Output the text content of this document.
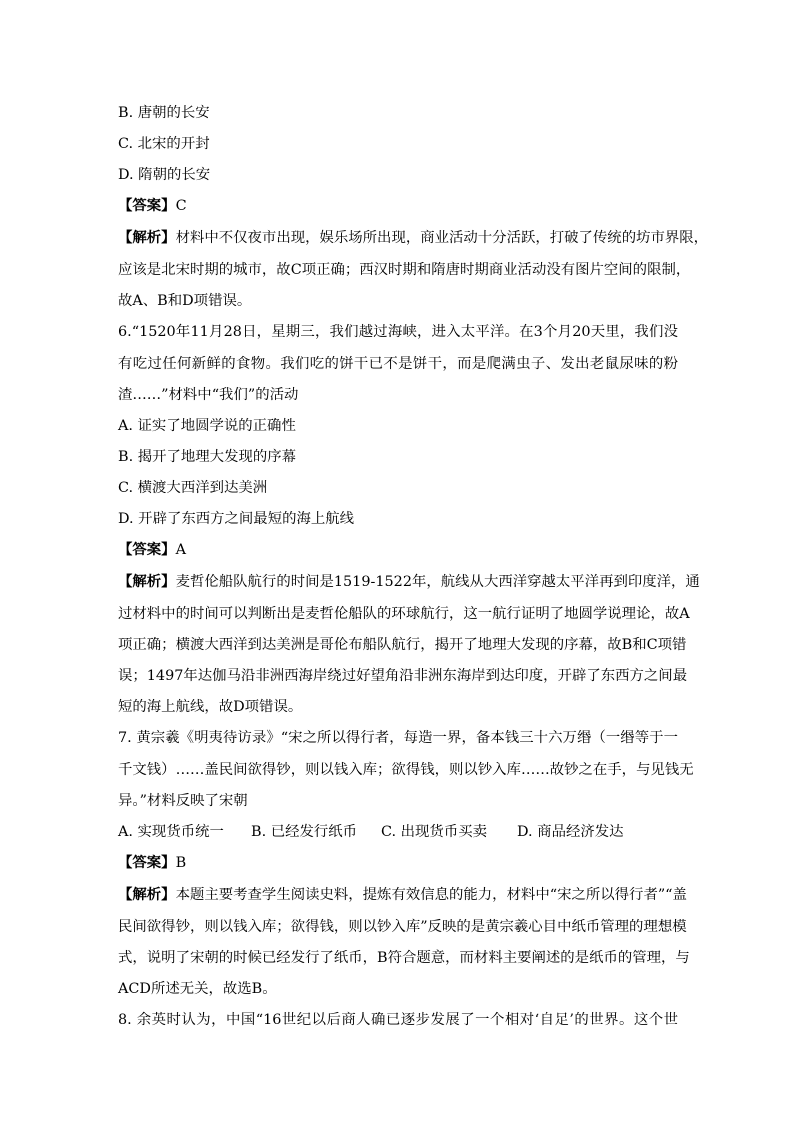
B. 唐朝的长安
C. 北宋的开封
D. 隋朝的长安
【答案】C
【解析】材料中不仅夜市出现，娱乐场所出现，商业活动十分活跃，打破了传统的坊市界限，
应该是北宋时期的城市，故C项正确；西汉时期和隋唐时期商业活动没有图片空间的限制，
故A、B和D项错误。
6.“1520年11月28日，星期三，我们越过海峡，进入太平洋。在3个月20天里，我们没
有吃过任何新鲜的食物。我们吃的饼干已不是饼干，而是爬满虫子、发出老鼠尿味的粉
渣……”材料中“我们”的活动
A. 证实了地圆学说的正确性
B. 揭开了地理大发现的序幕
C. 横渡大西洋到达美洲
D. 开辟了东西方之间最短的海上航线
【答案】A
【解析】麦哲伦船队航行的时间是1519-1522年，航线从大西洋穿越太平洋再到印度洋，通
过材料中的时间可以判断出是麦哲伦船队的环球航行，这一航行证明了地圆学说理论，故A
项正确；横渡大西洋到达美洲是哥伦布船队航行，揭开了地理大发现的序幕，故B和C项错
误；1497年达伽马沿非洲西海岸绕过好望角沿非洲东海岸到达印度，开辟了东西方之间最
短的海上航线，故D项错误。
7. 黄宗羲《明夷待访录》“宋之所以得行者，每造一界，备本钱三十六万缗（一缗等于一
千文钱）……盖民间欲得钞，则以钱入库；欲得钱，则以钞入库……故钞之在手，与见钱无
异。”材料反映了宋朝
A. 实现货币统一 B. 已经发行纸币 C. 出现货币买卖 D. 商品经济发达
【答案】B
【解析】本题主要考查学生阅读史料，提炼有效信息的能力，材料中“宋之所以得行者”“盖
民间欲得钞，则以钱入库；欲得钱，则以钞入库”反映的是黄宗羲心目中纸币管理的理想模
式，说明了宋朝的时候已经发行了纸币，B符合题意，而材料主要阐述的是纸币的管理，与
ACD所述无关，故选B。
8. 余英时认为，中国“16世纪以后商人确已逐步发展了一个相对‘自足’的世界。这个世
